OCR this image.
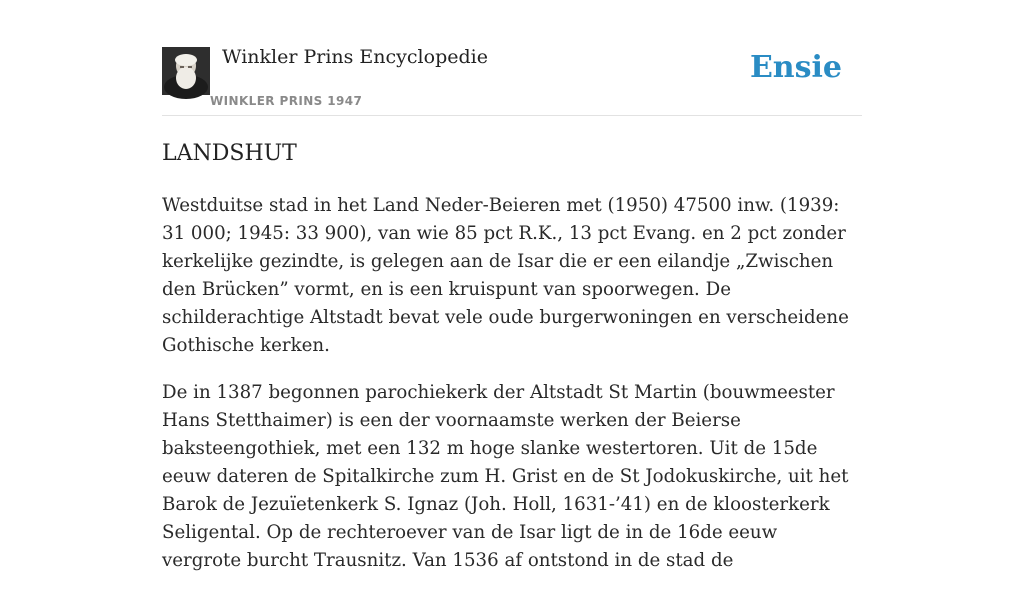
Winkler Prins Encyclopedie
WINKLER PRINS 1947
Ensie
LANDSHUT

Westduitse stad in het Land Neder-Beieren met (1950) 47500 inw. (1939: 31 000; 1945: 33 900), van wie 85 pct R.K., 13 pct Evang. en 2 pct zonder kerkelijke gezindte, is gelegen aan de Isar die er een eilandje „Zwischen den Brücken” vormt, en is een kruispunt van spoorwegen. De schilderachtige Altstadt bevat vele oude burgerwoningen en verscheidene Gothische kerken.

De in 1387 begonnen parochiekerk der Altstadt St Martin (bouwmeester Hans Stetthaimer) is een der voornaamste werken der Beierse baksteengothiek, met een 132 m hoge slanke westertoren. Uit de 15de eeuw dateren de Spitalkirche zum H. Grist en de St Jodokuskirche, uit het Barok de Jezuïetenkerk S. Ignaz (Joh. Holl, 1631-’41) en de kloosterkerk Seligental. Op de rechteroever van de Isar ligt de in de 16de eeuw vergrote burcht Trausnitz. Van 1536 af ontstond in de stad de
